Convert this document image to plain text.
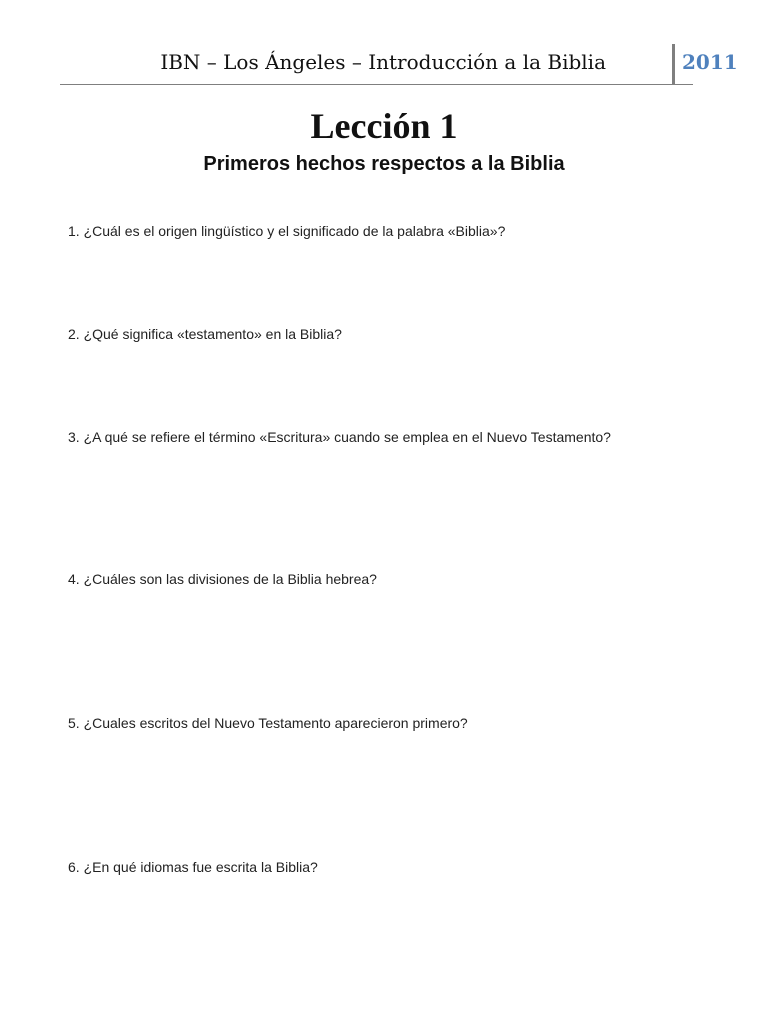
IBN – Los Ángeles – Introducción a la Biblia	2011
Lección 1
Primeros hechos respectos a la Biblia
1. ¿Cuál es el origen lingüístico y el significado de la palabra «Biblia»?
2. ¿Qué significa «testamento» en la Biblia?
3. ¿A qué se refiere el término «Escritura» cuando se emplea en el Nuevo Testamento?
4. ¿Cuáles son las divisiones de la Biblia hebrea?
5. ¿Cuales escritos del Nuevo Testamento aparecieron primero?
6. ¿En qué idiomas fue escrita la Biblia?
